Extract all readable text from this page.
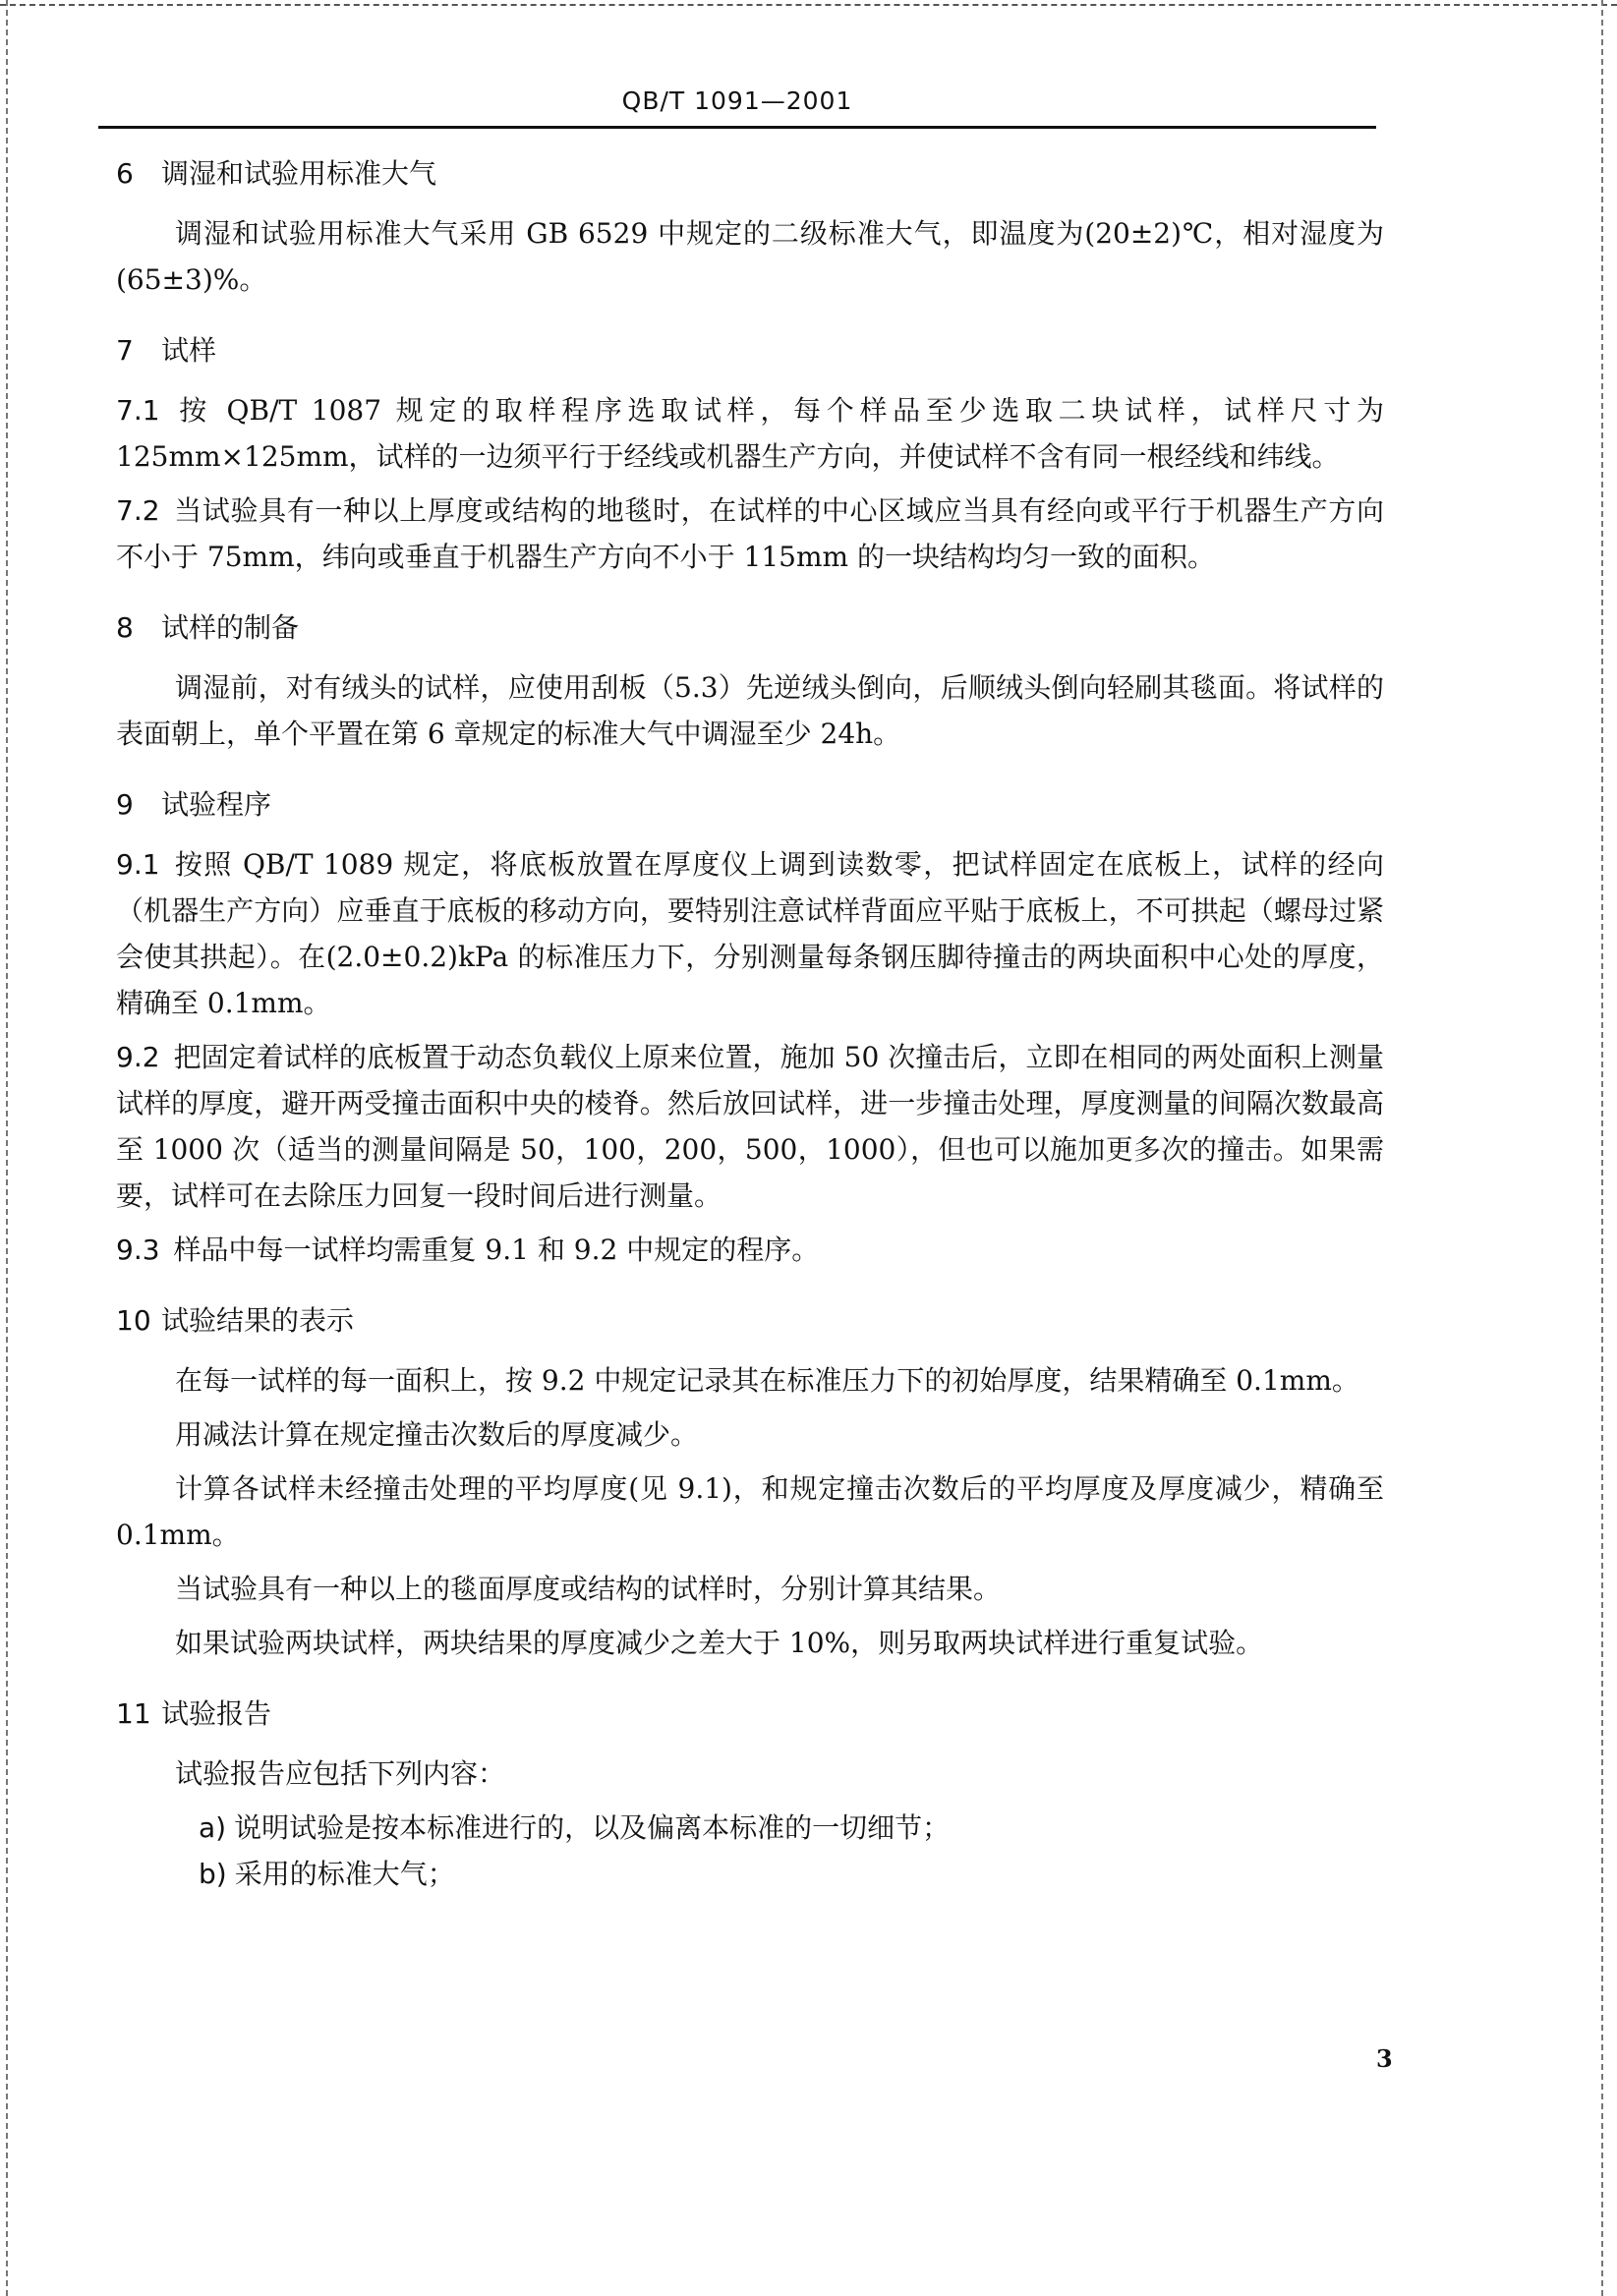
QB/T 1091—2001
6 调湿和试验用标准大气

调湿和试验用标准大气采用 GB 6529 中规定的二级标准大气，即温度为(20±2)℃，相对湿度为(65±3)%。

7 试样

7.1 按 QB/T 1087 规定的取样程序选取试样，每个样品至少选取二块试样，试样尺寸为 125mm×125mm，试样的一边须平行于经线或机器生产方向，并使试样不含有同一根经线和纬线。

7.2 当试验具有一种以上厚度或结构的地毯时，在试样的中心区域应当具有经向或平行于机器生产方向不小于 75mm，纬向或垂直于机器生产方向不小于 115mm 的一块结构均匀一致的面积。

8 试样的制备

调湿前，对有绒头的试样，应使用刮板（5.3）先逆绒头倒向，后顺绒头倒向轻刷其毯面。将试样的表面朝上，单个平置在第 6 章规定的标准大气中调湿至少 24h。

9 试验程序

9.1 按照 QB/T 1089 规定，将底板放置在厚度仪上调到读数零，把试样固定在底板上，试样的经向（机器生产方向）应垂直于底板的移动方向，要特别注意试样背面应平贴于底板上，不可拱起（螺母过紧会使其拱起）。在(2.0±0.2)kPa 的标准压力下，分别测量每条钢压脚待撞击的两块面积中心处的厚度，精确至 0.1mm。

9.2 把固定着试样的底板置于动态负载仪上原来位置，施加 50 次撞击后，立即在相同的两处面积上测量试样的厚度，避开两受撞击面积中央的棱脊。然后放回试样，进一步撞击处理，厚度测量的间隔次数最高至 1000 次（适当的测量间隔是 50，100，200，500，1000），但也可以施加更多次的撞击。如果需要，试样可在去除压力回复一段时间后进行测量。

9.3 样品中每一试样均需重复 9.1 和 9.2 中规定的程序。

10 试验结果的表示

在每一试样的每一面积上，按 9.2 中规定记录其在标准压力下的初始厚度，结果精确至 0.1mm。

用减法计算在规定撞击次数后的厚度减少。

计算各试样未经撞击处理的平均厚度(见 9.1)，和规定撞击次数后的平均厚度及厚度减少，精确至 0.1mm。

当试验具有一种以上的毯面厚度或结构的试样时，分别计算其结果。

如果试验两块试样，两块结果的厚度减少之差大于 10%，则另取两块试样进行重复试验。

11 试验报告

试验报告应包括下列内容：

a) 说明试验是按本标准进行的，以及偏离本标准的一切细节；
b) 采用的标准大气；
3
